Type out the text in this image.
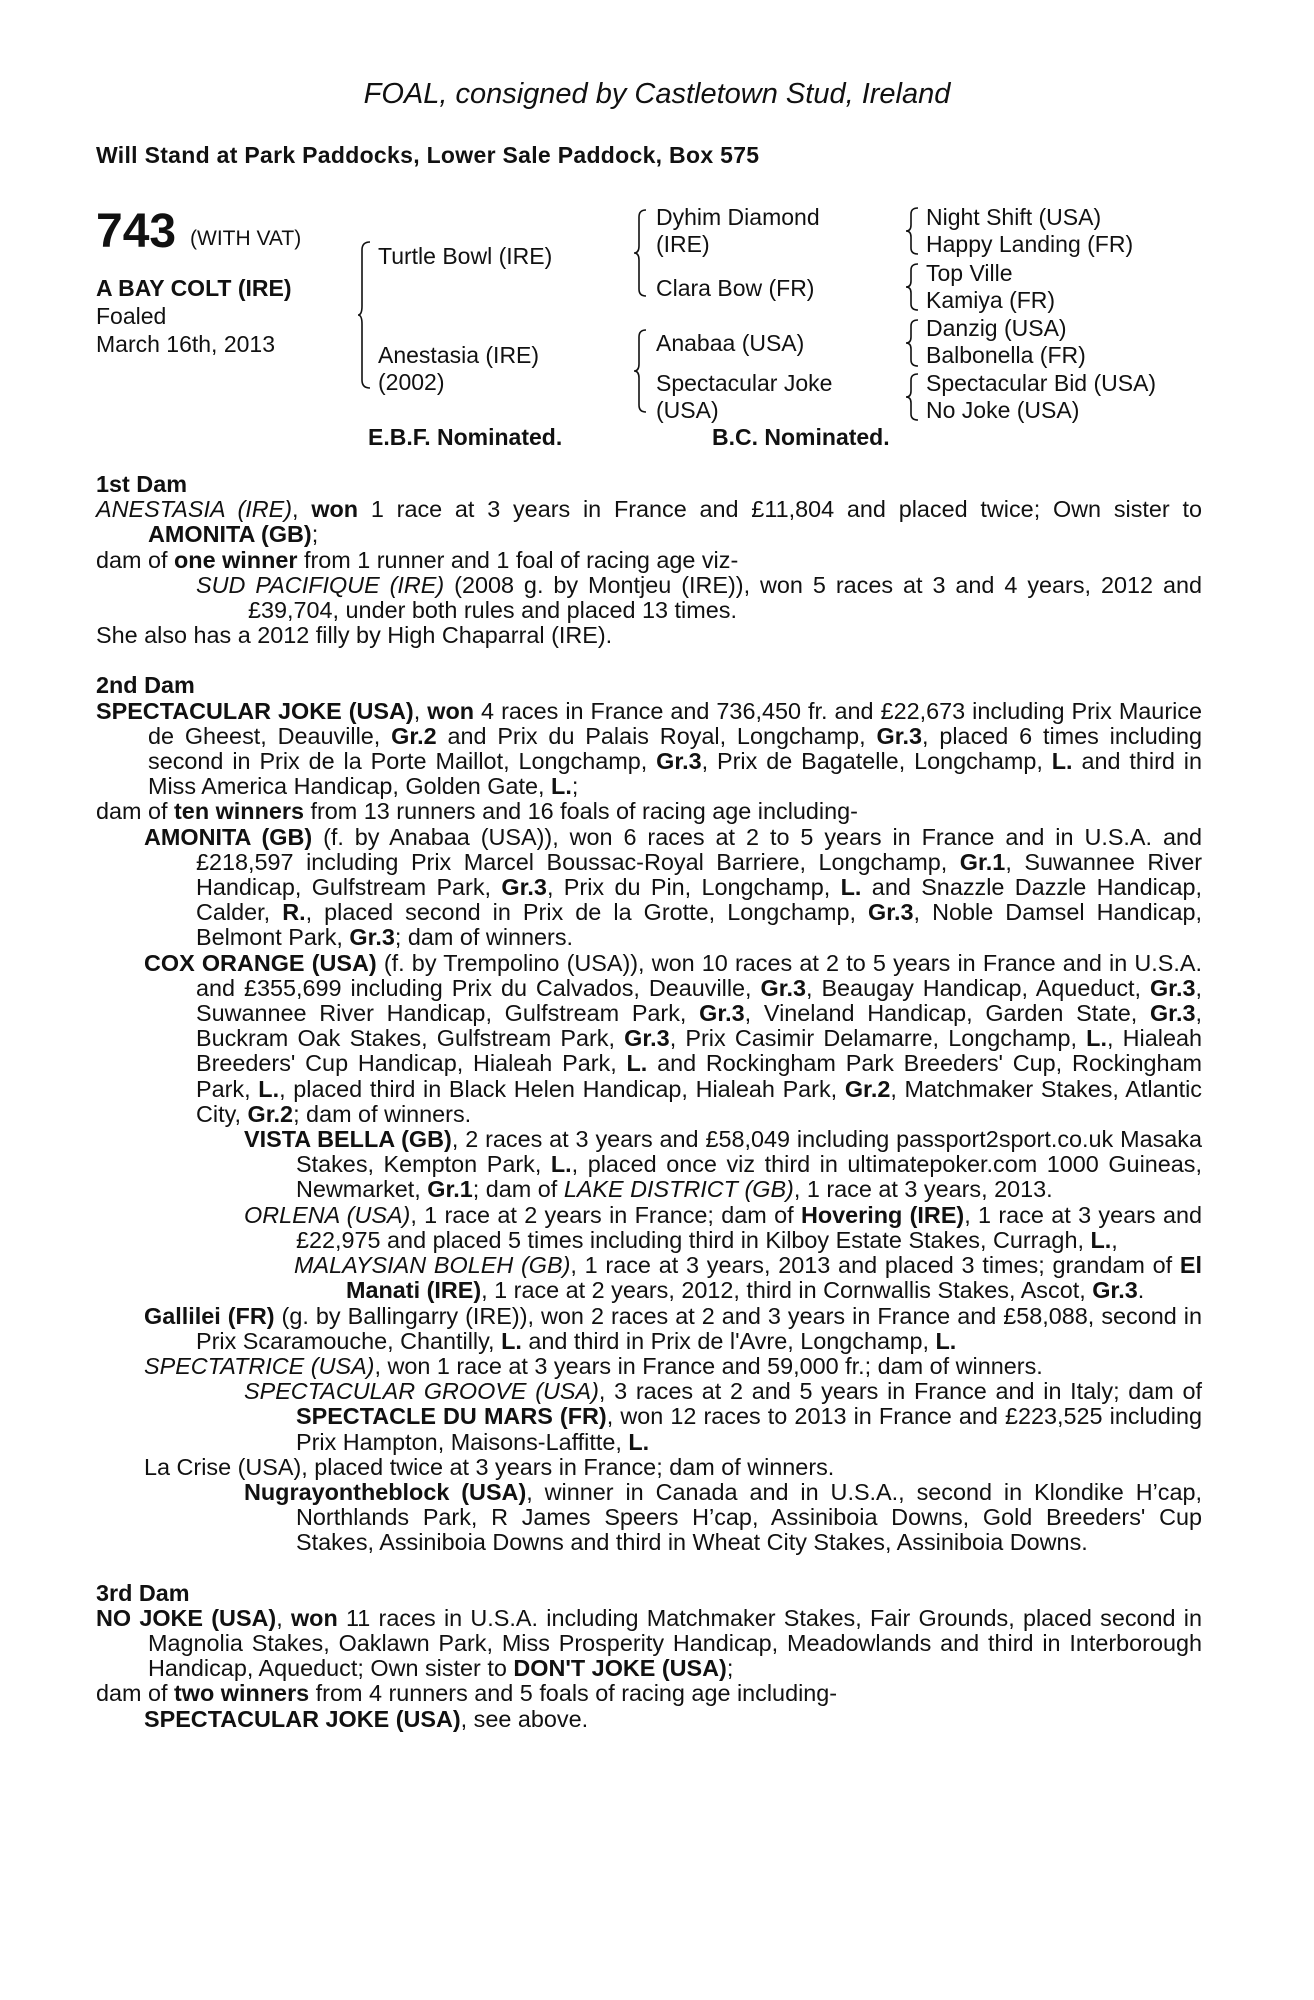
FOAL, consigned by Castletown Stud, Ireland
Will Stand at Park Paddocks, Lower Sale Paddock, Box 575
743 (WITH VAT)
A BAY COLT (IRE)
Foaled
March 16th, 2013
Turtle Bowl (IRE)
Anestasia (IRE)
(2002)
Dyhim Diamond
(IRE)
Clara Bow (FR)
Anabaa (USA)
Spectacular Joke
(USA)
Night Shift (USA)
Happy Landing (FR)
Top Ville
Kamiya (FR)
Danzig (USA)
Balbonella (FR)
Spectacular Bid (USA)
No Joke (USA)
E.B.F. Nominated.	B.C. Nominated.

1st Dam

ANESTASIA (IRE), won 1 race at 3 years in France and £11,804 and placed twice; Own sister to AMONITA (GB);

dam of one winner from 1 runner and 1 foal of racing age viz-

SUD PACIFIQUE (IRE) (2008 g. by Montjeu (IRE)), won 5 races at 3 and 4 years, 2012 and £39,704, under both rules and placed 13 times.

She also has a 2012 filly by High Chaparral (IRE).

2nd Dam

SPECTACULAR JOKE (USA), won 4 races in France and 736,450 fr. and £22,673 including Prix Maurice de Gheest, Deauville, Gr.2 and Prix du Palais Royal, Longchamp, Gr.3, placed 6 times including second in Prix de la Porte Maillot, Longchamp, Gr.3, Prix de Bagatelle, Longchamp, L. and third in Miss America Handicap, Golden Gate, L.;

dam of ten winners from 13 runners and 16 foals of racing age including-

AMONITA (GB) (f. by Anabaa (USA)), won 6 races at 2 to 5 years in France and in U.S.A. and £218,597 including Prix Marcel Boussac-Royal Barriere, Longchamp, Gr.1, Suwannee River Handicap, Gulfstream Park, Gr.3, Prix du Pin, Longchamp, L. and Snazzle Dazzle Handicap, Calder, R., placed second in Prix de la Grotte, Longchamp, Gr.3, Noble Damsel Handicap, Belmont Park, Gr.3; dam of winners.

COX ORANGE (USA) (f. by Trempolino (USA)), won 10 races at 2 to 5 years in France and in U.S.A. and £355,699 including Prix du Calvados, Deauville, Gr.3, Beaugay Handicap, Aqueduct, Gr.3, Suwannee River Handicap, Gulfstream Park, Gr.3, Vineland Handicap, Garden State, Gr.3, Buckram Oak Stakes, Gulfstream Park, Gr.3, Prix Casimir Delamarre, Longchamp, L., Hialeah Breeders' Cup Handicap, Hialeah Park, L. and Rockingham Park Breeders' Cup, Rockingham Park, L., placed third in Black Helen Handicap, Hialeah Park, Gr.2, Matchmaker Stakes, Atlantic City, Gr.2; dam of winners.

VISTA BELLA (GB), 2 races at 3 years and £58,049 including passport2sport.co.uk Masaka Stakes, Kempton Park, L., placed once viz third in ultimatepoker.com 1000 Guineas, Newmarket, Gr.1; dam of LAKE DISTRICT (GB), 1 race at 3 years, 2013.

ORLENA (USA), 1 race at 2 years in France; dam of Hovering (IRE), 1 race at 3 years and £22,975 and placed 5 times including third in Kilboy Estate Stakes, Curragh, L.,

MALAYSIAN BOLEH (GB), 1 race at 3 years, 2013 and placed 3 times; grandam of El Manati (IRE), 1 race at 2 years, 2012, third in Cornwallis Stakes, Ascot, Gr.3.

Gallilei (FR) (g. by Ballingarry (IRE)), won 2 races at 2 and 3 years in France and £58,088, second in Prix Scaramouche, Chantilly, L. and third in Prix de l'Avre, Longchamp, L.

SPECTATRICE (USA), won 1 race at 3 years in France and 59,000 fr.; dam of winners.

SPECTACULAR GROOVE (USA), 3 races at 2 and 5 years in France and in Italy; dam of SPECTACLE DU MARS (FR), won 12 races to 2013 in France and £223,525 including Prix Hampton, Maisons-Laffitte, L.

La Crise (USA), placed twice at 3 years in France; dam of winners.

Nugrayontheblock (USA), winner in Canada and in U.S.A., second in Klondike H’cap, Northlands Park, R James Speers H’cap, Assiniboia Downs, Gold Breeders' Cup Stakes, Assiniboia Downs and third in Wheat City Stakes, Assiniboia Downs.

3rd Dam

NO JOKE (USA), won 11 races in U.S.A. including Matchmaker Stakes, Fair Grounds, placed second in Magnolia Stakes, Oaklawn Park, Miss Prosperity Handicap, Meadowlands and third in Interborough Handicap, Aqueduct; Own sister to DON'T JOKE (USA);

dam of two winners from 4 runners and 5 foals of racing age including-

SPECTACULAR JOKE (USA), see above.
